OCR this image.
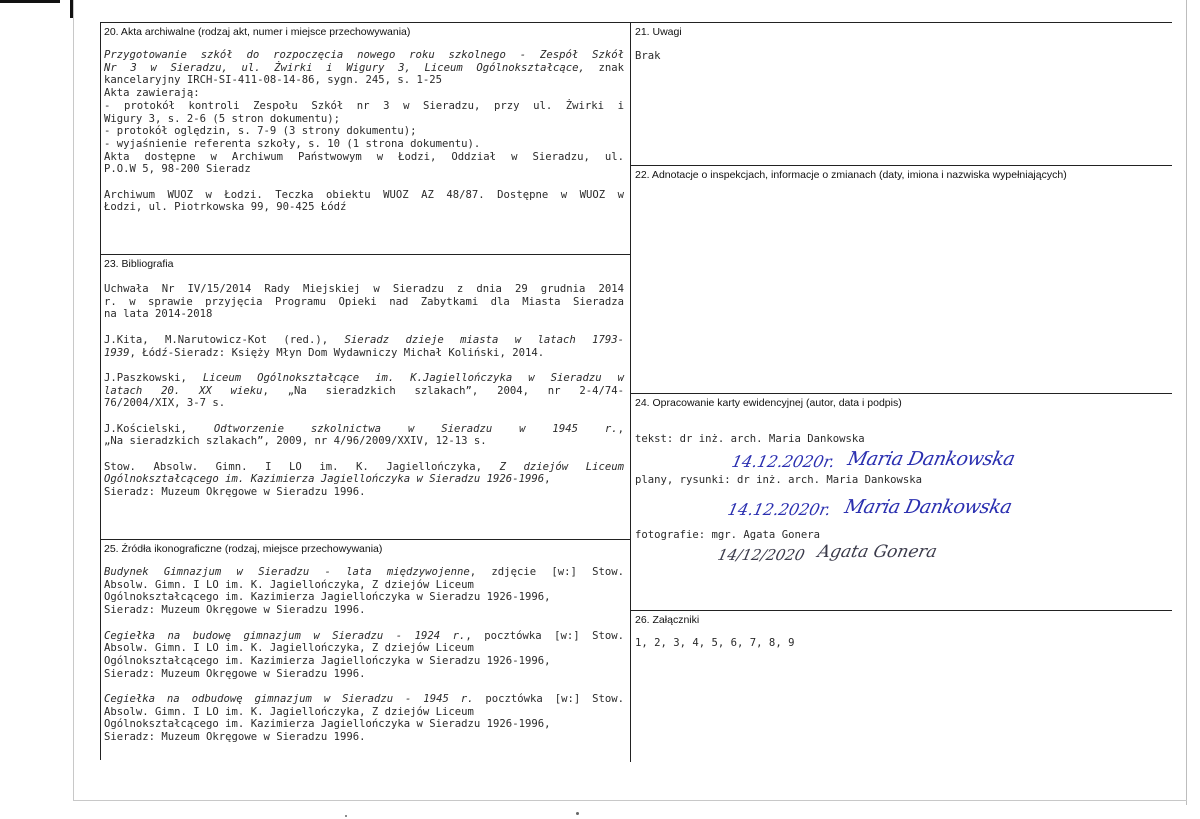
20. Akta archiwalne (rodzaj akt, numer i miejsce przechowywania)

Przygotowanie szkół do rozpoczęcia nowego roku szkolnego - Zespół Szkół

Nr 3 w Sieradzu, ul. Żwirki i Wigury 3, Liceum Ogólnokształcące, znak

kancelaryjny IRCH-SI-411-08-14-86, sygn. 245, s. 1-25

Akta zawierają:

- protokół kontroli Zespołu Szkół nr 3 w Sieradzu, przy ul. Żwirki i

Wigury 3, s. 2-6 (5 stron dokumentu);

- protokół oględzin, s. 7-9 (3 strony dokumentu);

- wyjaśnienie referenta szkoły, s. 10 (1 strona dokumentu).

Akta dostępne w Archiwum Państwowym w Łodzi, Oddział w Sieradzu, ul.

P.O.W 5, 98-200 Sieradz

Archiwum WUOZ w Łodzi. Teczka obiektu WUOZ AZ 48/87. Dostępne w WUOZ w

Łodzi, ul. Piotrkowska 99, 90-425 Łódź

21. Uwagi
Brak
22. Adnotacje o inspekcjach, informacje o zmianach (daty, imiona i nazwiska wypełniających)
23. Bibliografia

Uchwała Nr IV/15/2014 Rady Miejskiej w Sieradzu z dnia 29 grudnia 2014

r. w sprawie przyjęcia Programu Opieki nad Zabytkami dla Miasta Sieradza

na lata 2014-2018

J.Kita, M.Narutowicz-Kot (red.), Sieradz dzieje miasta w latach 1793-

1939, Łódź-Sieradz: Księży Młyn Dom Wydawniczy Michał Koliński, 2014.

J.Paszkowski, Liceum Ogólnokształcące im. K.Jagiellończyka w Sieradzu w

latach 20. XX wieku, „Na sieradzkich szlakach”, 2004, nr 2-4/74-

76/2004/XIX, 3-7 s.

J.Kościelski, Odtworzenie szkolnictwa w Sieradzu w 1945 r.,

„Na sieradzkich szlakach”, 2009, nr 4/96/2009/XXIV, 12-13 s.

Stow. Absolw. Gimn. I LO im. K. Jagiellończyka, Z dziejów Liceum

Ogólnokształcącego im. Kazimierza Jagiellończyka w Sieradzu 1926-1996,

Sieradz: Muzeum Okręgowe w Sieradzu 1996.

24. Opracowanie karty ewidencyjnej (autor, data i podpis)
tekst: dr inż. arch. Maria Dankowska
14.12.2020r. Maria Dankowska
plany, rysunki: dr inż. arch. Maria Dankowska
14.12.2020r. Maria Dankowska
fotografie: mgr. Agata Gonera
14/12/2020 Agata Gonera
25. Źródła ikonograficzne (rodzaj, miejsce przechowywania)

Budynek Gimnazjum w Sieradzu - lata międzywojenne, zdjęcie [w:] Stow.

Absolw. Gimn. I LO im. K. Jagiellończyka, Z dziejów Liceum

Ogólnokształcącego im. Kazimierza Jagiellończyka w Sieradzu 1926-1996,

Sieradz: Muzeum Okręgowe w Sieradzu 1996.

Cegiełka na budowę gimnazjum w Sieradzu - 1924 r., pocztówka [w:] Stow.

Absolw. Gimn. I LO im. K. Jagiellończyka, Z dziejów Liceum

Ogólnokształcącego im. Kazimierza Jagiellończyka w Sieradzu 1926-1996,

Sieradz: Muzeum Okręgowe w Sieradzu 1996.

Cegiełka na odbudowę gimnazjum w Sieradzu - 1945 r. pocztówka [w:] Stow.

Absolw. Gimn. I LO im. K. Jagiellończyka, Z dziejów Liceum

Ogólnokształcącego im. Kazimierza Jagiellończyka w Sieradzu 1926-1996,

Sieradz: Muzeum Okręgowe w Sieradzu 1996.

26. Załączniki
1, 2, 3, 4, 5, 6, 7, 8, 9
